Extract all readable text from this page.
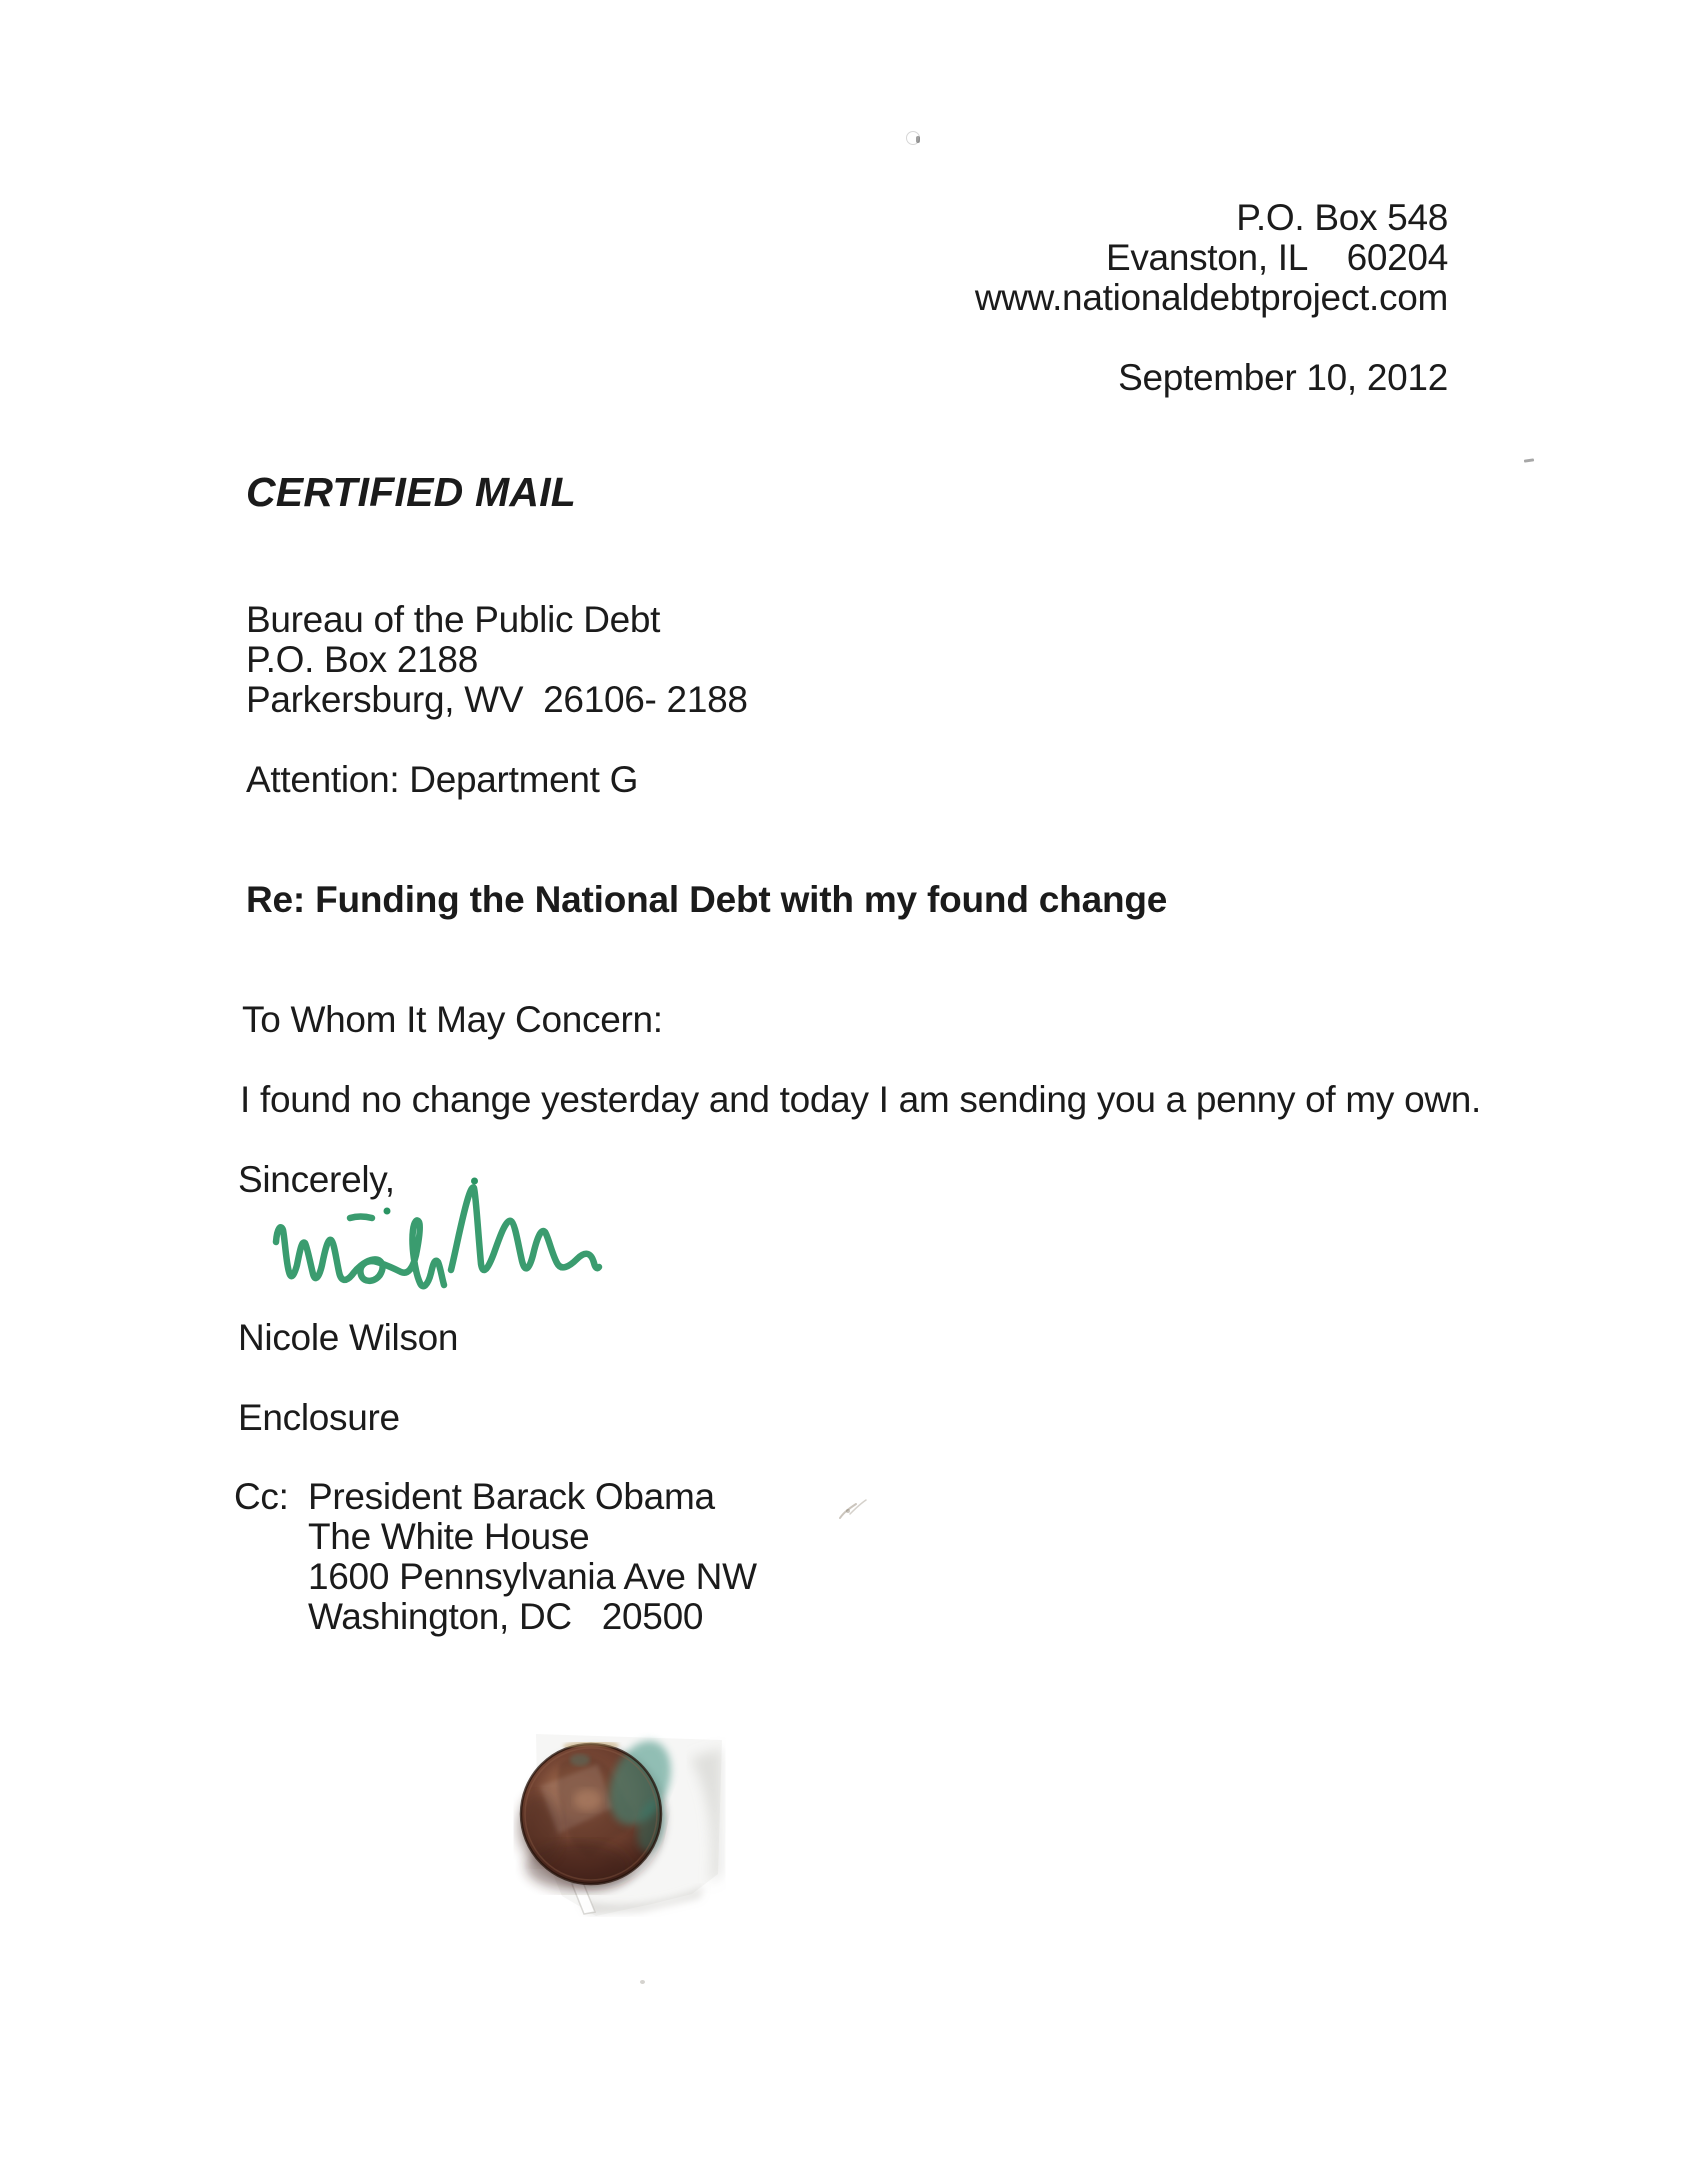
P.O. Box 548
Evanston, IL    60204
www.nationaldebtproject.com
September 10, 2012
CERTIFIED MAIL
Bureau of the Public Debt
P.O. Box 2188
Parkersburg, WV  26106- 2188
Attention: Department G
Re: Funding the National Debt with my found change
To Whom It May Concern:
I found no change yesterday and today I am sending you a penny of my own.
Sincerely,
Nicole Wilson
Enclosure
Cc: President Barack Obama
The White House
1600 Pennsylvania Ave NW
Washington, DC   20500
